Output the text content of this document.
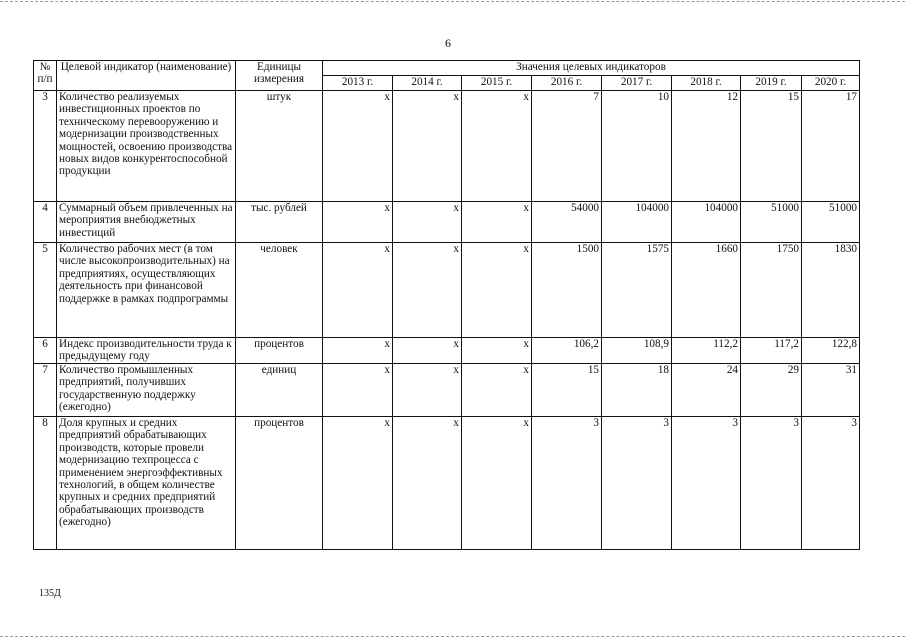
6
№ п/п	Целевой индикатор (наименование)	Единицы измерения	Значения целевых индикаторов							
			2013 г.	2014 г.	2015 г.	2016 г.	2017 г.	2018 г.	2019 г.	2020 г.
3	Количество реализуемых инвестиционных проектов по техническому перевооружению и модернизации производственных мощностей, освоению производства новых видов конкурентоспособной продукции	штук	x	x	x	7	10	12	15	17
4	Суммарный объем привлеченных на мероприятия внебюджетных инвестиций	тыс. рублей	x	x	x	54000	104000	104000	51000	51000
5	Количество рабочих мест (в том числе высокопроизводительных) на предприятиях, осуществляющих деятельность при финансовой поддержке в рамках подпрограммы	человек	x	x	x	1500	1575	1660	1750	1830
6	Индекс производительности труда к предыдущему году	процентов	x	x	x	106,2	108,9	112,2	117,2	122,8
7	Количество промышленных предприятий, получивших государственную поддержку (ежегодно)	единиц	x	x	x	15	18	24	29	31
8	Доля крупных и средних предприятий обрабатывающих производств, которые провели модернизацию техпроцесса с применением энергоэффективных технологий, в общем количестве крупных и средних предприятий обрабатывающих производств (ежегодно)	процентов	x	x	x	3	3	3	3	3
135Д
